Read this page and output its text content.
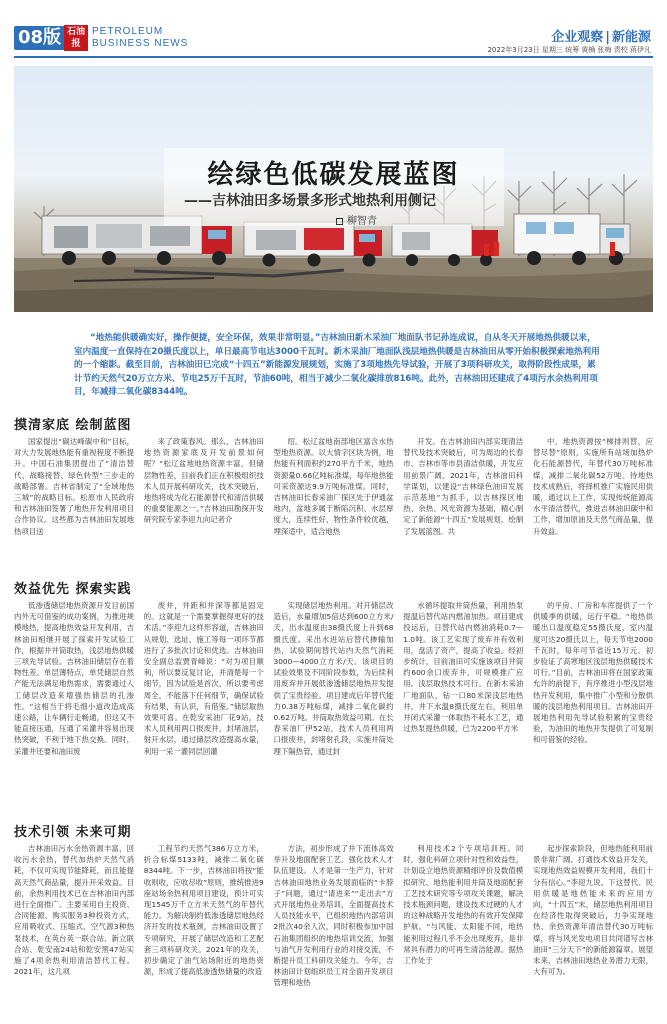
08版 石油报
PETROLEUM
BUSINESS NEWS	企业观察 | 新能源
2022年3月23日 星期三 统筹 黄桷 张梅 责校 蒋伊凡
绘绿色低碳发展蓝图
——吉林油田多场景多形式地热利用侧记
柳智青
“地热能供暖确实好，操作便捷，安全环保，效果非常明显。”吉林油田新木采油厂地面队书记孙连成说，自从冬天开展地热供暖以来，室内温度一直保持在20摄氏度以上，单日最高节电达3000千瓦时。新木采油厂地面队浅层地热供暖是吉林油田从零开始积极探索地热利用的一个缩影。截至目前，吉林油田已完成“十四五”新能源发展规划，实施了3项地热先导试验，开展了3项科研攻关，取得阶段性成果，累计节约天然气20万立方米、节电25万千瓦时，节油60吨，相当于减少二氧化碳排放816吨。此外，吉林油田还建成了4项污水余热利用项目，年减排二氧化碳8344吨。
摸清家底 绘制蓝图

国家提出“碳达峰碳中和”目标，对大力发展地热能有重视程度不断提升。中国石油集团提出了“清洁替代、战略接替、绿色转型”三步走的战略部署。吉林省制定了“全域地热三城”的战略目标。松原市人民政府和吉林油田签署了地热开发利用项目合作协议。这些都为吉林油田发展地热项目送

来了政策春风。那么，吉林油田地热资源家底及开发前景如何呢？“松辽盆地地热资源丰富，但储层物性差，目前我们正在积极组织技术人员开展科研攻关，技术突破后，地热将成为化石能源替代和清洁供暖的重要能源之一。”吉林油田勘探开发研究院专家李迎九向记者介

绍。松辽盆地南部地区富含水热型地热资源。以大情字区块为例，地热能有利面积约270平方千米，地热资源量0.66亿吨标准煤，每年地热能可采资源达9.9万吨标准煤。同时，吉林油田长春采油厂探区处于伊通盆地内，盆地多属于断陷沉积、水层厚度大，连续性好，物性条件较优越，埋深适中，适合地热

开发。在吉林油田内部实现清洁替代及技术突破后，可为周边的长春市、吉林市等市县清洁供暖，开发应用前景广阔。2021年，吉林油田科学谋划，以建设“吉林绿色油田发展示范基地”为抓手，以吉林探区地热、余热、风光资源为基础，精心制定了新能源“十四五”发展规划，绘制了发展蓝图。共

中，地热资源按“梯排则替，应替尽替”原则，实施所有站场加热炉化石能源替代，年替代30万吨标准煤，减排二氧化碳52万吨。待地热技术成熟后，将择机推广实施民用供暖，通过以上工作，实现传统能源高水平清洁替代，推进吉林油田碳中和工作，增加原油及天然气商品量，提升效益。

效益优先 探索实践

低渗透储层地热资源开发目前国内外无可借鉴的成功案例，为推进规模地热，提高地热效益开发利用，吉林油田相继开展了探索开发试验工作，根据井井筒取热，浅层地热供暖三项先导试验。吉林油田储层存在着物性差、单层薄特点，单凭储层自然产能无法满足地热需求，需要通过人工储层改造来增强热储层的孔渗性。“这相当于将毛细小道改造成高速公路，让车辆行走畅通，但这又不能直接压通，压通了采灌井容易出现热突破，不利于地下热交换。同时，采灌井还要和油田废

废井，井距和井深等都是固定的。这就是一个需要掌握得更好的技术活。”李迎九这样形容道，吉林油田从规划、选址、施工等每一项环节都进行了多批次讨论和优选。吉林油田安全副总监贾青峰说：“对为项目顺利，所以要反复讨论，并清楚每一个细节，因为试验是首次，所以要考虑周全，不能落下任何细节，确保试验有结果，有认识，有借鉴。”储层取热效果可喜。在乾安采油厂花9站，技术人员利用两口报废井，封堵油层，射开水层，通过储层改造提高水量，利用一采一灌同层回灌

实现储层地热利用。对开储层改造后，水量增加5倍达到600立方米/天，出水温度由38摄氏度上升到68摄氏度。采出水进站后替代掺输加热，试验期间替代站内天然气消耗3000—4000立方米/天。该项目的试验效果及不同阶段参数，为后续利用废弃井开展低渗透储层地热开发提供了宝贵经验。项目建成后年替代能力0.38万吨标煤，减排二氧化碳约0.62万吨。井筒取热效益可期。在长春采油厂伊52站，技术人员利用两口报废井，封堵射孔段，实施井筒处理下隔热管，通过封

水循环提取井筒热量，利用热泵提温后替代站内燃油加热。项目建成投运后，日替代站内燃油消耗0.7—1.0吨。该工艺实现了废弃井有效利用，盘活了资产，提高了收益。经初步统计，目前油田可实施该项目井筒约600余口废弃井，可规模推广应用。浅层取热技术可行。在新木采油厂地面队，钻一口80米深浅层地热井，井下水温8摄氏度左右，利用单井闭式采灌一体取热不耗水工艺，通过热泵提热供暖，已为2200平方米

的平房、厂房和车库提供了一个供暖季的供暖，运行平稳。“地热供暖出口温度稳定55摄氏度，室内温度可达20摄氏以上，每天节电2000千瓦时，每年可节省近15万元，初步验证了高寒地区浅层地热供暖技术可行。”目前，吉林油田将在国家政策允许的前提下，有序推进小型浅层地热开发利用，集中推广小型和分散供暖的浅层地热利用项目。吉林油田开展地热利用先导试验积累的宝贵经验，为油田的地热开发提供了可复制和可借鉴的经验。

技术引领 未来可期

吉林油田污水余热资源丰富，回收污水余热，替代加热炉天然气消耗，不仅可实现节能降耗，而且能提高天然气商品量，提升开采效益。目前，余热利用技术已在吉林油田内部进行全面推广。主要采用自主投资、合同能源、购买服务3种投资方式，应用吸收式、压缩式、空气源3种热泵技术，在英台英一联合站、新立联合站、乾安南24站和乾安黑47站实施了4项余热利用清洁替代工程。2021年，这几项

工程节约天然气386万立方米，折合标煤5133吨，减排二氧化碳8344吨。下一步，吉林油田将按“能收则收，应收尽收”原则，推统推进9座站场余热利用项目建设，预计可实现1545万千立方米天然气的年替代能力。为解决制约低渗透储层地热经济开发的技术瓶颈，吉林油田设置了专项研究，开展了储层改造和工艺配套三项科研攻关。2021年的攻关，初步确定了油气站场附近的地热资源，形成了提高低渗透热储量的改造

方法，初步形成了井下流体高效举升及地面配套工艺。强化技术人才队伍建设。人才是第一生产力，针对吉林油田地热业务发展面临的“卡脖子”问题，通过“请进来”“走出去”方式开展地热业务培训，全面提高技术人员技能水平，已组织地热内部培训2批次40余人次，同时积极参加中国石油集团组织的地热培训交流，加强与油气开发利用行业的对接交流，不断提升员工科研攻关能力。今年，吉林油田计划组织员工对全面开发项目管理和地热

利用技术2个专项培训班。同时，强化科研立项针对性和效益性，计划设立地热资源精细评价及数值模拟研究、地热能利用井筒及地面配套工艺技术研究等专项攻关课题，解决技术瓶颈问题，建设技术过硬的人才的这种战略开发地热的有效开发保障护航。“与风能、太阳能不同，地热能利用过程几乎不会出现废弃，是非常具有潜力的可再生清洁能源。据热工作处于

起步探索阶段，但地热能利用前景非常广阔。打通技术效益开发关，实现地热效益规模开发利用，我们十分有信心。”李迎九说。下这替代、民用供暖是地热能未来的应用方向，“十四五”末，储层地热利用项目在经济性取得突破后，力争实现地热、余热资源年清洁替代30万吨标煤，将与风光发电项目共同谱写吉林油田“三分天下”的新能源篇章。展望未来，吉林油田地热业务潜力无限，大有可为。
